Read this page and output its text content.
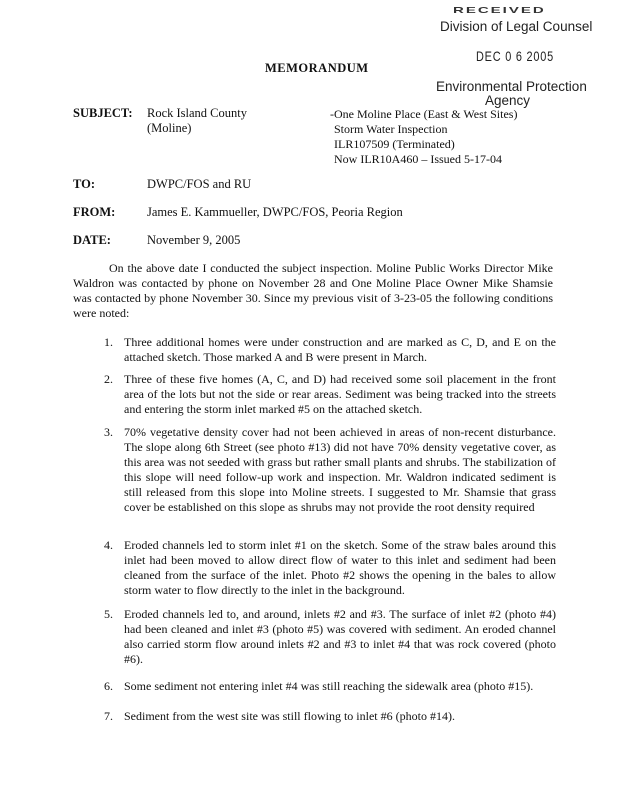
RECEIVED
Division of Legal Counsel
DEC 0 6 2005
Environmental Protection
Agency
MEMORANDUM
SUBJECT: Rock Island County
(Moline)
-One Moline Place (East & West Sites)
Storm Water Inspection
ILR107509 (Terminated)
Now ILR10A460 – Issued 5-17-04
TO:	DWPC/FOS and RU
FROM:	James E. Kammueller, DWPC/FOS, Peoria Region
DATE:	November 9, 2005
On the above date I conducted the subject inspection. Moline Public Works Director Mike Waldron was contacted by phone on November 28 and One Moline Place Owner Mike Shamsie was contacted by phone November 30. Since my previous visit of 3-23-05 the following conditions were noted:
1. Three additional homes were under construction and are marked as C, D, and E on the attached sketch. Those marked A and B were present in March.
2. Three of these five homes (A, C, and D) had received some soil placement in the front area of the lots but not the side or rear areas. Sediment was being tracked into the streets and entering the storm inlet marked #5 on the attached sketch.
3. 70% vegetative density cover had not been achieved in areas of non-recent disturbance. The slope along 6th Street (see photo #13) did not have 70% density vegetative cover, as this area was not seeded with grass but rather small plants and shrubs. The stabilization of this slope will need follow-up work and inspection. Mr. Waldron indicated sediment is still released from this slope into Moline streets. I suggested to Mr. Shamsie that grass cover be established on this slope as shrubs may not provide the root density required
4. Eroded channels led to storm inlet #1 on the sketch. Some of the straw bales around this inlet had been moved to allow direct flow of water to this inlet and sediment had been cleaned from the surface of the inlet. Photo #2 shows the opening in the bales to allow storm water to flow directly to the inlet in the background.
5. Eroded channels led to, and around, inlets #2 and #3. The surface of inlet #2 (photo #4) had been cleaned and inlet #3 (photo #5) was covered with sediment. An eroded channel also carried storm flow around inlets #2 and #3 to inlet #4 that was rock covered (photo #6).
6. Some sediment not entering inlet #4 was still reaching the sidewalk area (photo #15).
7. Sediment from the west site was still flowing to inlet #6 (photo #14).
